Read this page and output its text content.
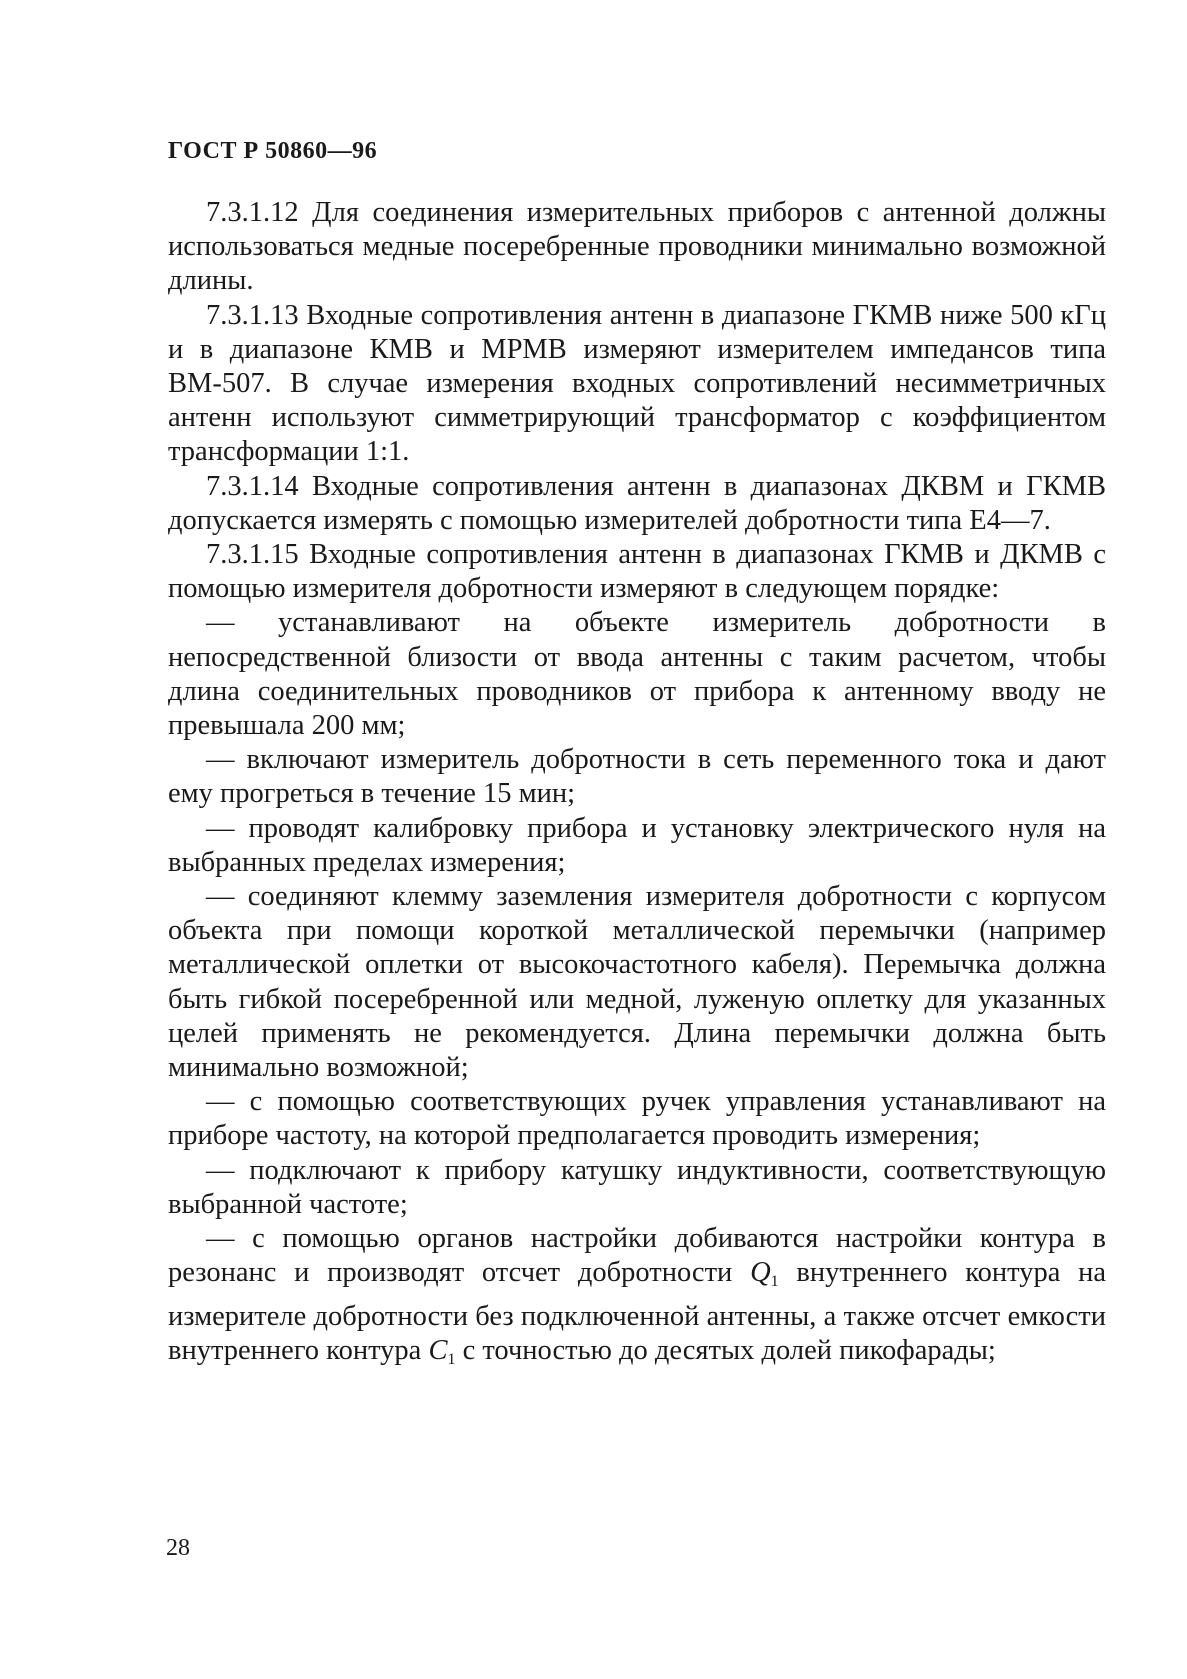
ГОСТ Р 50860—96

7.3.1.12 Для соединения измерительных приборов с антенной должны использоваться медные посеребренные проводники минимально возможной длины.

7.3.1.13 Входные сопротивления антенн в диапазоне ГКМВ ниже 500 кГц и в диапазоне КМВ и МРМВ измеряют измерителем импедансов типа ВМ-507. В случае измерения входных сопротивлений несимметричных антенн используют симметрирующий трансформатор с коэффициентом трансформации 1:1.

7.3.1.14 Входные сопротивления антенн в диапазонах ДКВМ и ГКМВ допускается измерять с помощью измерителей добротности типа Е4—7.

7.3.1.15 Входные сопротивления антенн в диапазонах ГКМВ и ДКМВ с помощью измерителя добротности измеряют в следующем порядке:

— устанавливают на объекте измеритель добротности в непосредственной близости от ввода антенны с таким расчетом, чтобы длина соединительных проводников от прибора к антенному вводу не превышала 200 мм;

— включают измеритель добротности в сеть переменного тока и дают ему прогреться в течение 15 мин;

— проводят калибровку прибора и установку электрического нуля на выбранных пределах измерения;

— соединяют клемму заземления измерителя добротности с корпусом объекта при помощи короткой металлической перемычки (например металлической оплетки от высокочастотного кабеля). Перемычка должна быть гибкой посеребренной или медной, луженую оплетку для указанных целей применять не рекомендуется. Длина перемычки должна быть минимально возможной;

— с помощью соответствующих ручек управления устанавливают на приборе частоту, на которой предполагается проводить измерения;

— подключают к прибору катушку индуктивности, соответствующую выбранной частоте;

— с помощью органов настройки добиваются настройки контура в резонанс и производят отсчет добротности $Q_1$ внутреннего контура на измерителе добротности без подключенной антенны, а также отсчет емкости внутреннего контура $C_1$ с точностью до десятых долей пикофарады;

28
